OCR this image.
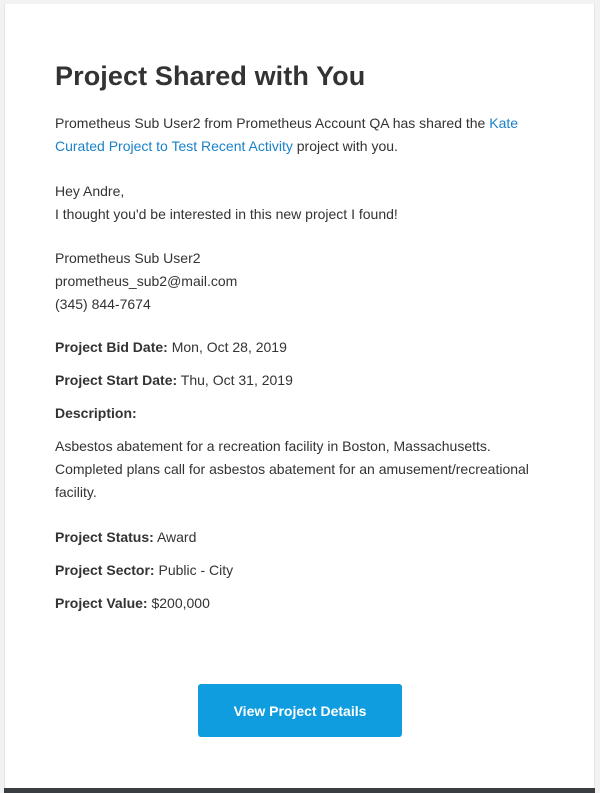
Project Shared with You

Prometheus Sub User2 from Prometheus Account QA has shared the Kate Curated Project to Test Recent Activity project with you.

Hey Andre,

I thought you'd be interested in this new project I found!

Prometheus Sub User2

prometheus_sub2@mail.com

(345) 844-7674

Project Bid Date: Mon, Oct 28, 2019

Project Start Date: Thu, Oct 31, 2019

Description:

Asbestos abatement for a recreation facility in Boston, Massachusetts. Completed plans call for asbestos abatement for an amusement/recreational facility.

Project Status: Award

Project Sector: Public - City

Project Value: $200,000

View Project Details
